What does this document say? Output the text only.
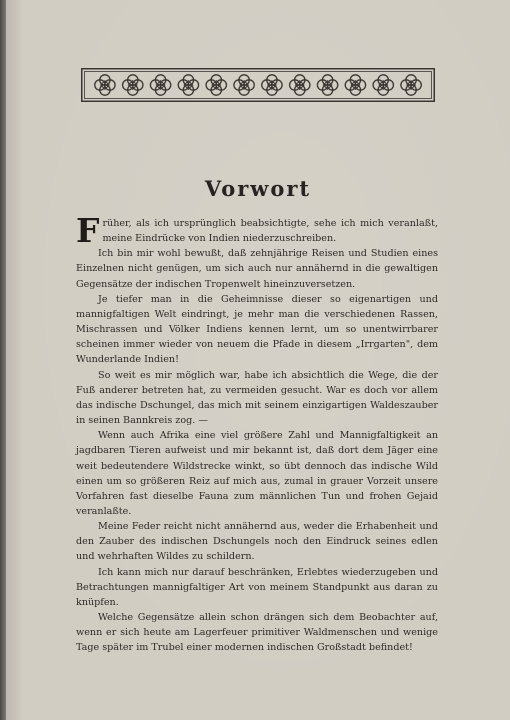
Vorwort

Früher, als ich ursprünglich beabsichtigte, sehe ich mich veranlaßt, meine Eindrücke von Indien niederzuschreiben.

Ich bin mir wohl bewußt, daß zehnjährige Reisen und Studien eines Einzelnen nicht genügen, um sich auch nur annähernd in die gewaltigen Gegensätze der indischen Tropenwelt hineinzuversetzen.

Je tiefer man in die Geheimnisse dieser so eigenartigen und mannigfaltigen Welt eindringt, je mehr man die verschiedenen Rassen, Mischrassen und Völker Indiens kennen lernt, um so unentwirrbarer scheinen immer wieder von neuem die Pfade in diesem „Irrgarten", dem Wunderlande Indien!

So weit es mir möglich war, habe ich absichtlich die Wege, die der Fuß anderer betreten hat, zu vermeiden gesucht. War es doch vor allem das indische Dschungel, das mich mit seinem einzigartigen Waldeszauber in seinen Bannkreis zog. —

Wenn auch Afrika eine viel größere Zahl und Mannigfaltigkeit an jagdbaren Tieren aufweist und mir bekannt ist, daß dort dem Jäger eine weit bedeutendere Wildstrecke winkt, so übt dennoch das indische Wild einen um so größeren Reiz auf mich aus, zumal in grauer Vorzeit unsere Vorfahren fast dieselbe Fauna zum männlichen Tun und frohen Gejaid veranlaßte.

Meine Feder reicht nicht annähernd aus, weder die Erhabenheit und den Zauber des indischen Dschungels noch den Eindruck seines edlen und wehrhaften Wildes zu schildern.

Ich kann mich nur darauf beschränken, Erlebtes wiederzugeben und Betrachtungen mannigfaltiger Art von meinem Standpunkt aus daran zu knüpfen.

Welche Gegensätze allein schon drängen sich dem Beobachter auf, wenn er sich heute am Lagerfeuer primitiver Waldmenschen und wenige Tage später im Trubel einer modernen indischen Großstadt befindet!
